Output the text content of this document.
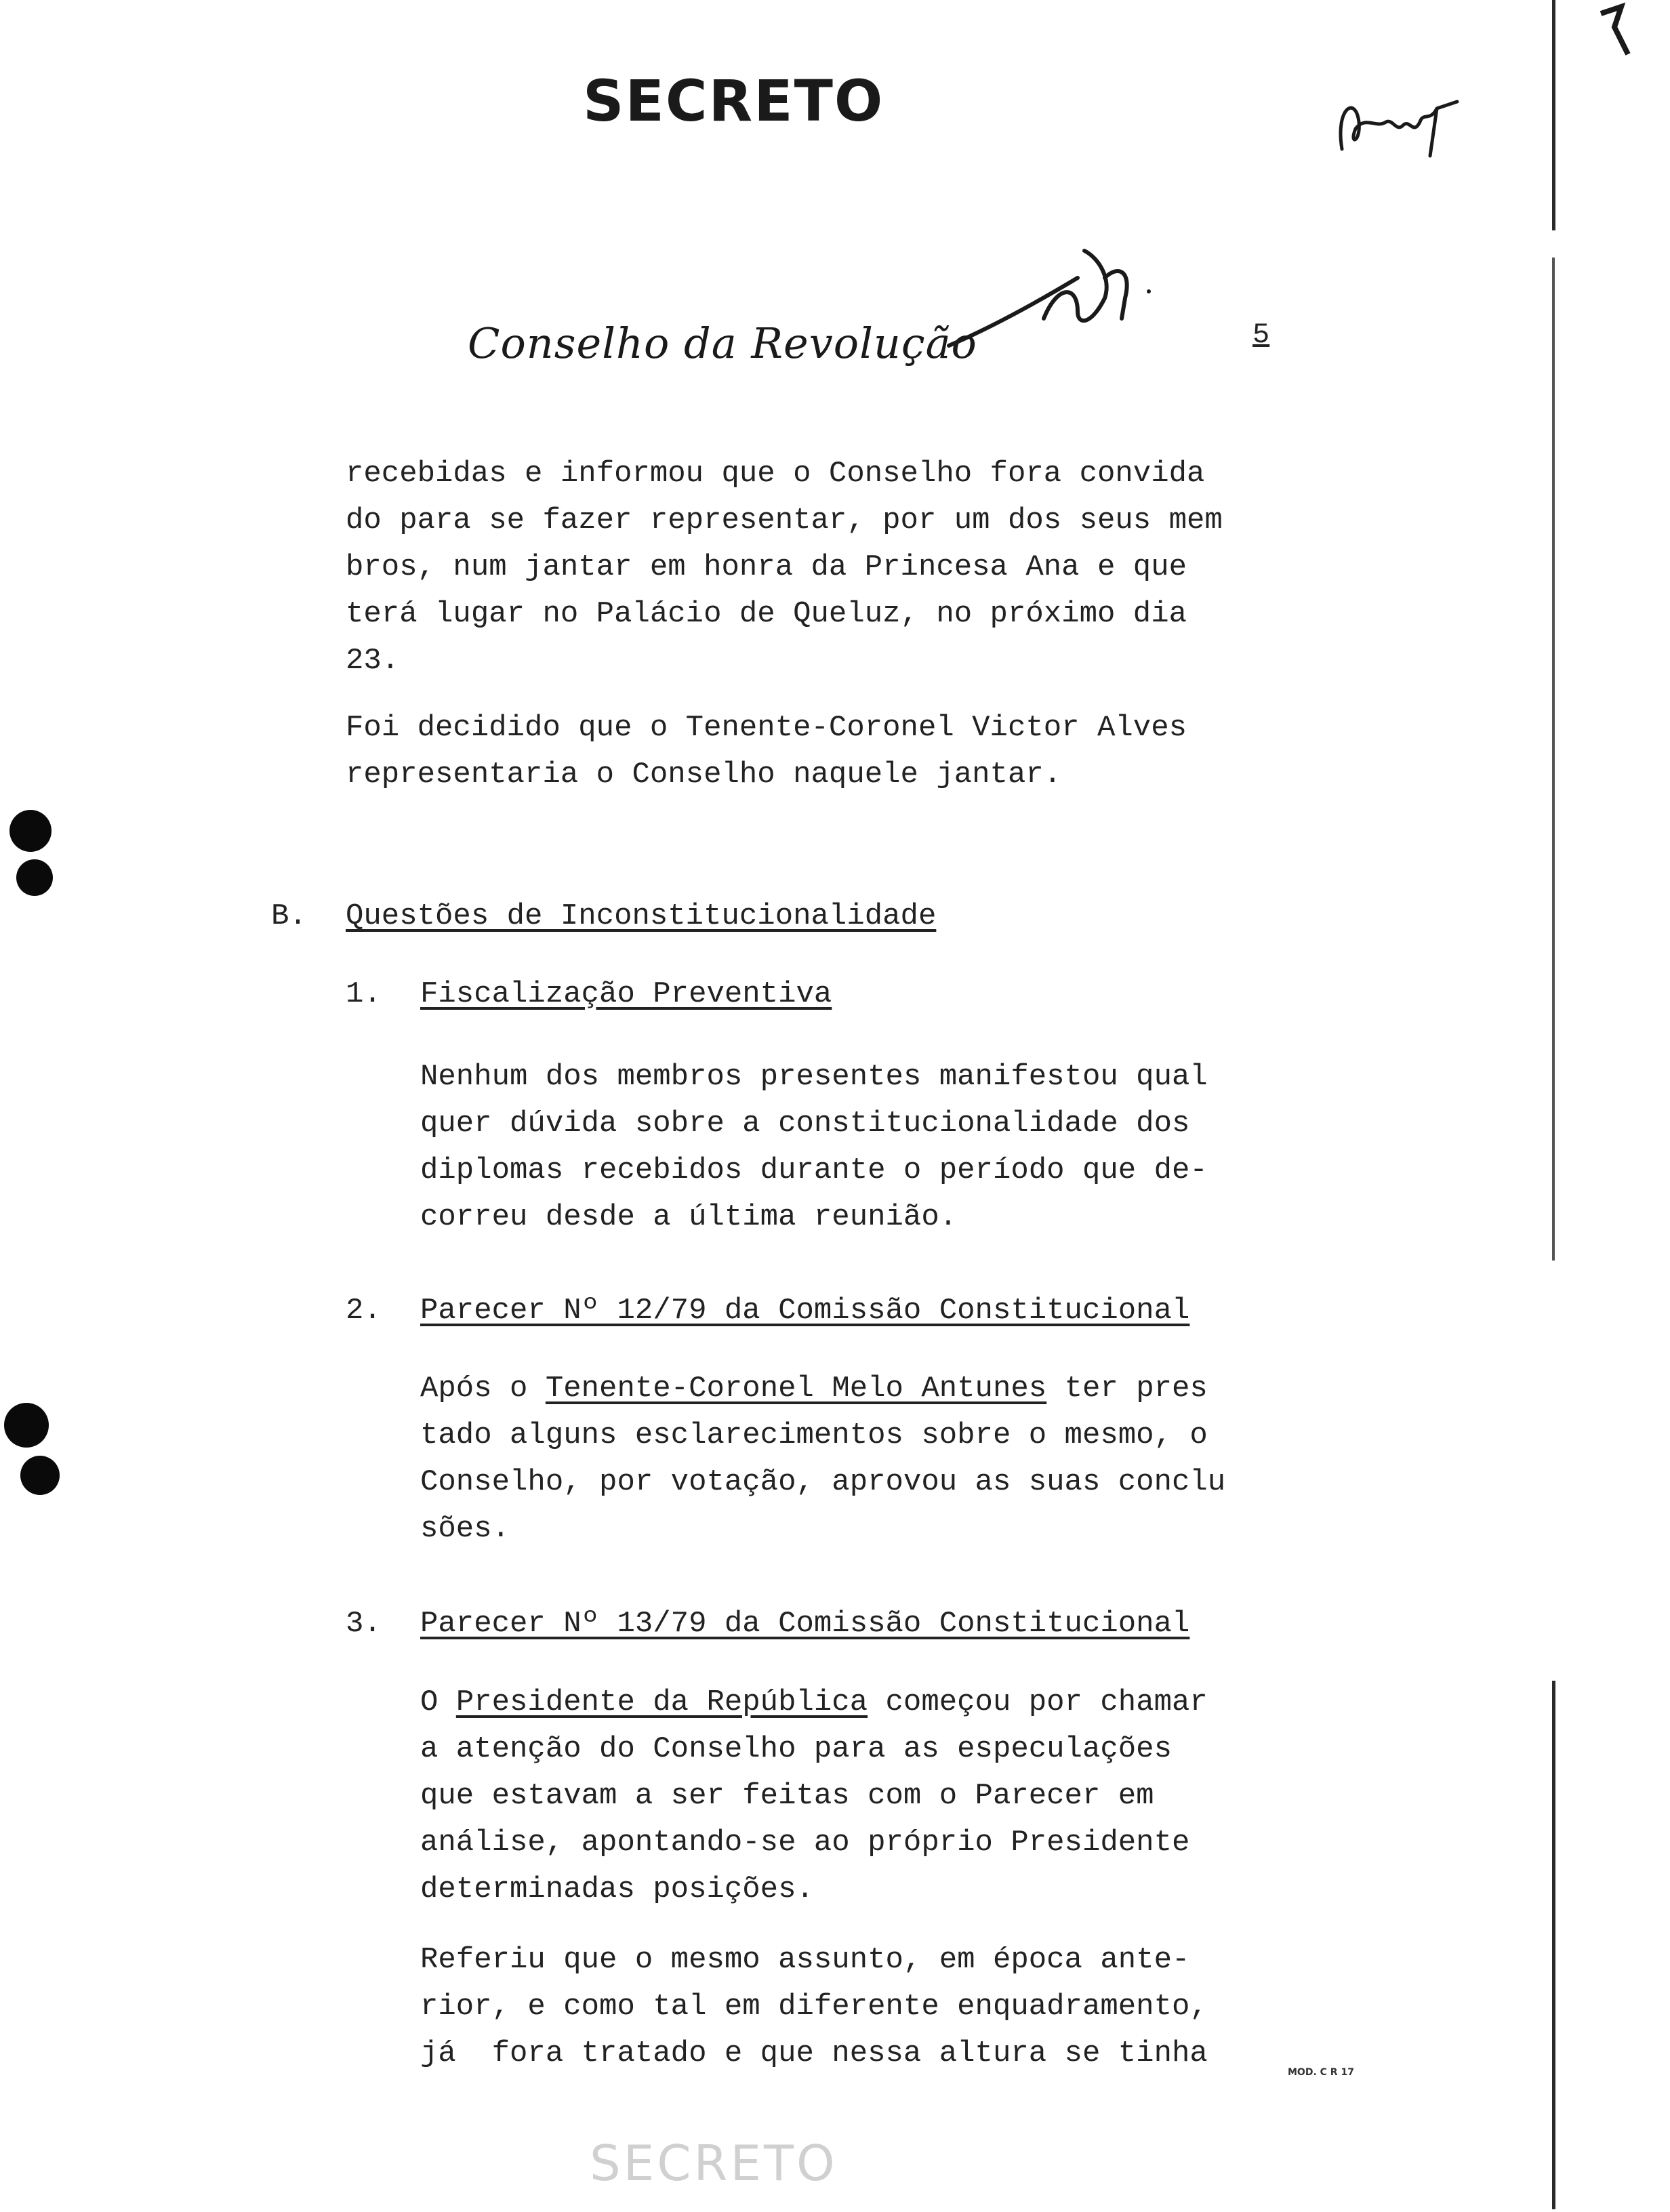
SECRETO
Conselho da Revolução	5

recebidas e informou que o Conselho fora convida

do para se fazer representar, por um dos seus mem

bros, num jantar em honra da Princesa Ana e que

terá lugar no Palácio de Queluz, no próximo dia

23.

Foi decidido que o Tenente-Coronel Victor Alves

representaria o Conselho naquele jantar.

B. Questões de Inconstitucionalidade

1. Fiscalização Preventiva

Nenhum dos membros presentes manifestou qual

quer dúvida sobre a constitucionalidade dos

diplomas recebidos durante o período que de-

correu desde a última reunião.

2. Parecer Nº 12/79 da Comissão Constitucional

Após o Tenente-Coronel Melo Antunes ter pres

tado alguns esclarecimentos sobre o mesmo, o

Conselho, por votação, aprovou as suas conclu

sões.

3. Parecer Nº 13/79 da Comissão Constitucional

O Presidente da República começou por chamar

a atenção do Conselho para as especulações

que estavam a ser feitas com o Parecer em

análise, apontando-se ao próprio Presidente

determinadas posições.

Referiu que o mesmo assunto, em época ante-

rior, e como tal em diferente enquadramento,

já  fora tratado e que nessa altura se tinha

MOD. C R 17
SECRETO
